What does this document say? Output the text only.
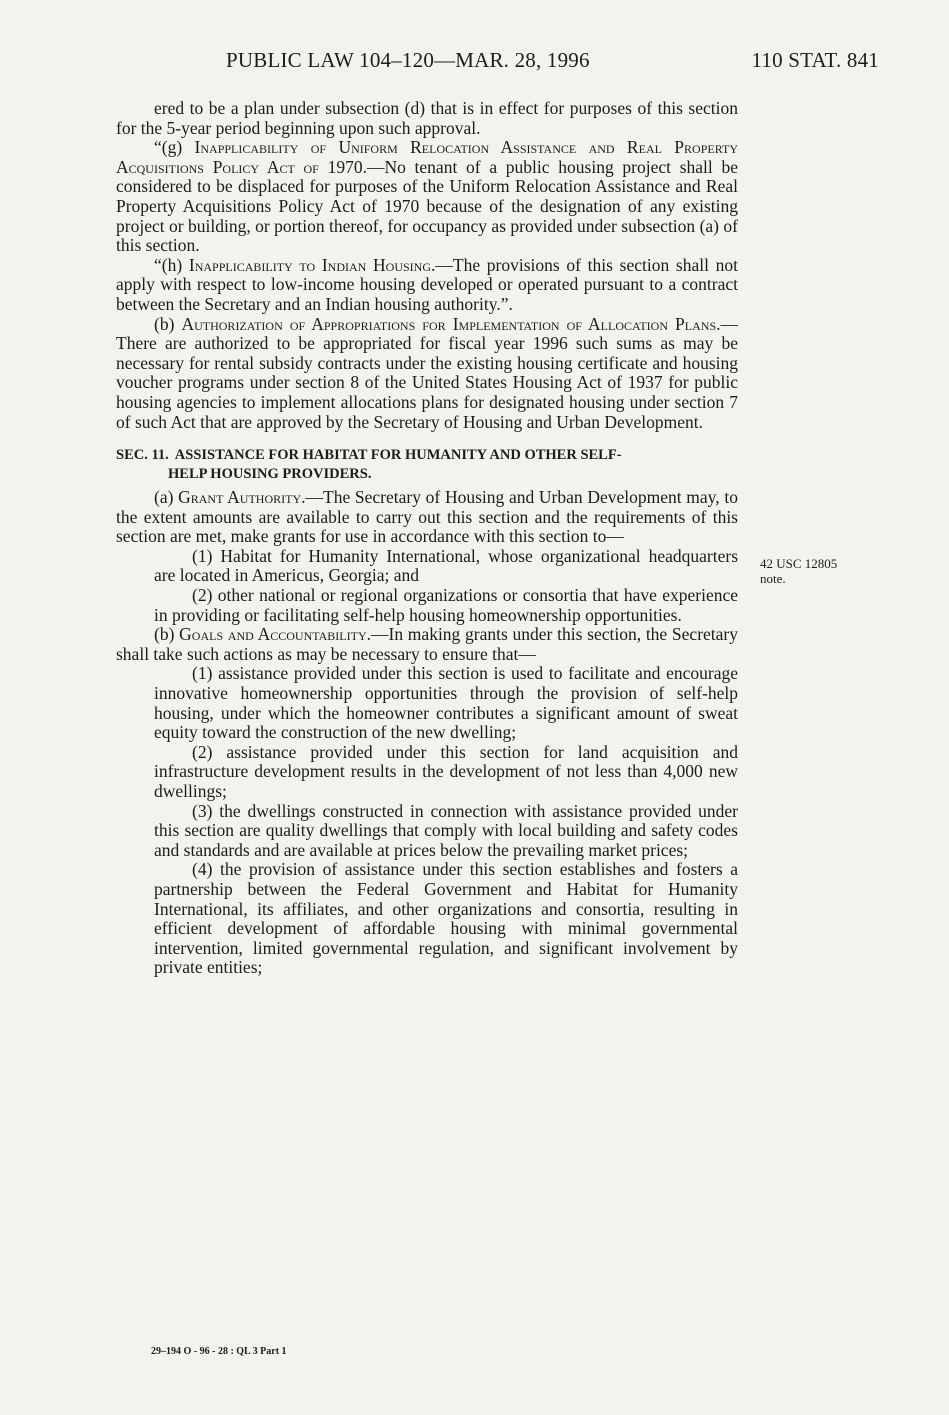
PUBLIC LAW 104–120—MAR. 28, 1996	110 STAT. 841

ered to be a plan under subsection (d) that is in effect for purposes of this section for the 5-year period beginning upon such approval.

“(g) Inapplicability of Uniform Relocation Assistance and Real Property Acquisitions Policy Act of 1970.—No tenant of a public housing project shall be considered to be displaced for purposes of the Uniform Relocation Assistance and Real Property Acquisitions Policy Act of 1970 because of the designation of any existing project or building, or portion thereof, for occupancy as provided under subsection (a) of this section.

“(h) Inapplicability to Indian Housing.—The provisions of this section shall not apply with respect to low-income housing developed or operated pursuant to a contract between the Secretary and an Indian housing authority.”.

(b) Authorization of Appropriations for Implementation of Allocation Plans.—There are authorized to be appropriated for fiscal year 1996 such sums as may be necessary for rental subsidy contracts under the existing housing certificate and housing voucher programs under section 8 of the United States Housing Act of 1937 for public housing agencies to implement allocations plans for designated housing under section 7 of such Act that are approved by the Secretary of Housing and Urban Development.

SEC. 11. ASSISTANCE FOR HABITAT FOR HUMANITY AND OTHER SELF-
HELP HOUSING PROVIDERS.

(a) Grant Authority.—The Secretary of Housing and Urban Development may, to the extent amounts are available to carry out this section and the requirements of this section are met, make grants for use in accordance with this section to—

(1) Habitat for Humanity International, whose organizational headquarters are located in Americus, Georgia; and

(2) other national or regional organizations or consortia that have experience in providing or facilitating self-help housing homeownership opportunities.

(b) Goals and Accountability.—In making grants under this section, the Secretary shall take such actions as may be necessary to ensure that—

(1) assistance provided under this section is used to facilitate and encourage innovative homeownership opportunities through the provision of self-help housing, under which the homeowner contributes a significant amount of sweat equity toward the construction of the new dwelling;

(2) assistance provided under this section for land acquisition and infrastructure development results in the development of not less than 4,000 new dwellings;

(3) the dwellings constructed in connection with assistance provided under this section are quality dwellings that comply with local building and safety codes and standards and are available at prices below the prevailing market prices;

(4) the provision of assistance under this section establishes and fosters a partnership between the Federal Government and Habitat for Humanity International, its affiliates, and other organizations and consortia, resulting in efficient development of affordable housing with minimal governmental intervention, limited governmental regulation, and significant involvement by private entities;

42 USC 12805
note.
29–194 O - 96 - 28 : QL 3 Part 1
